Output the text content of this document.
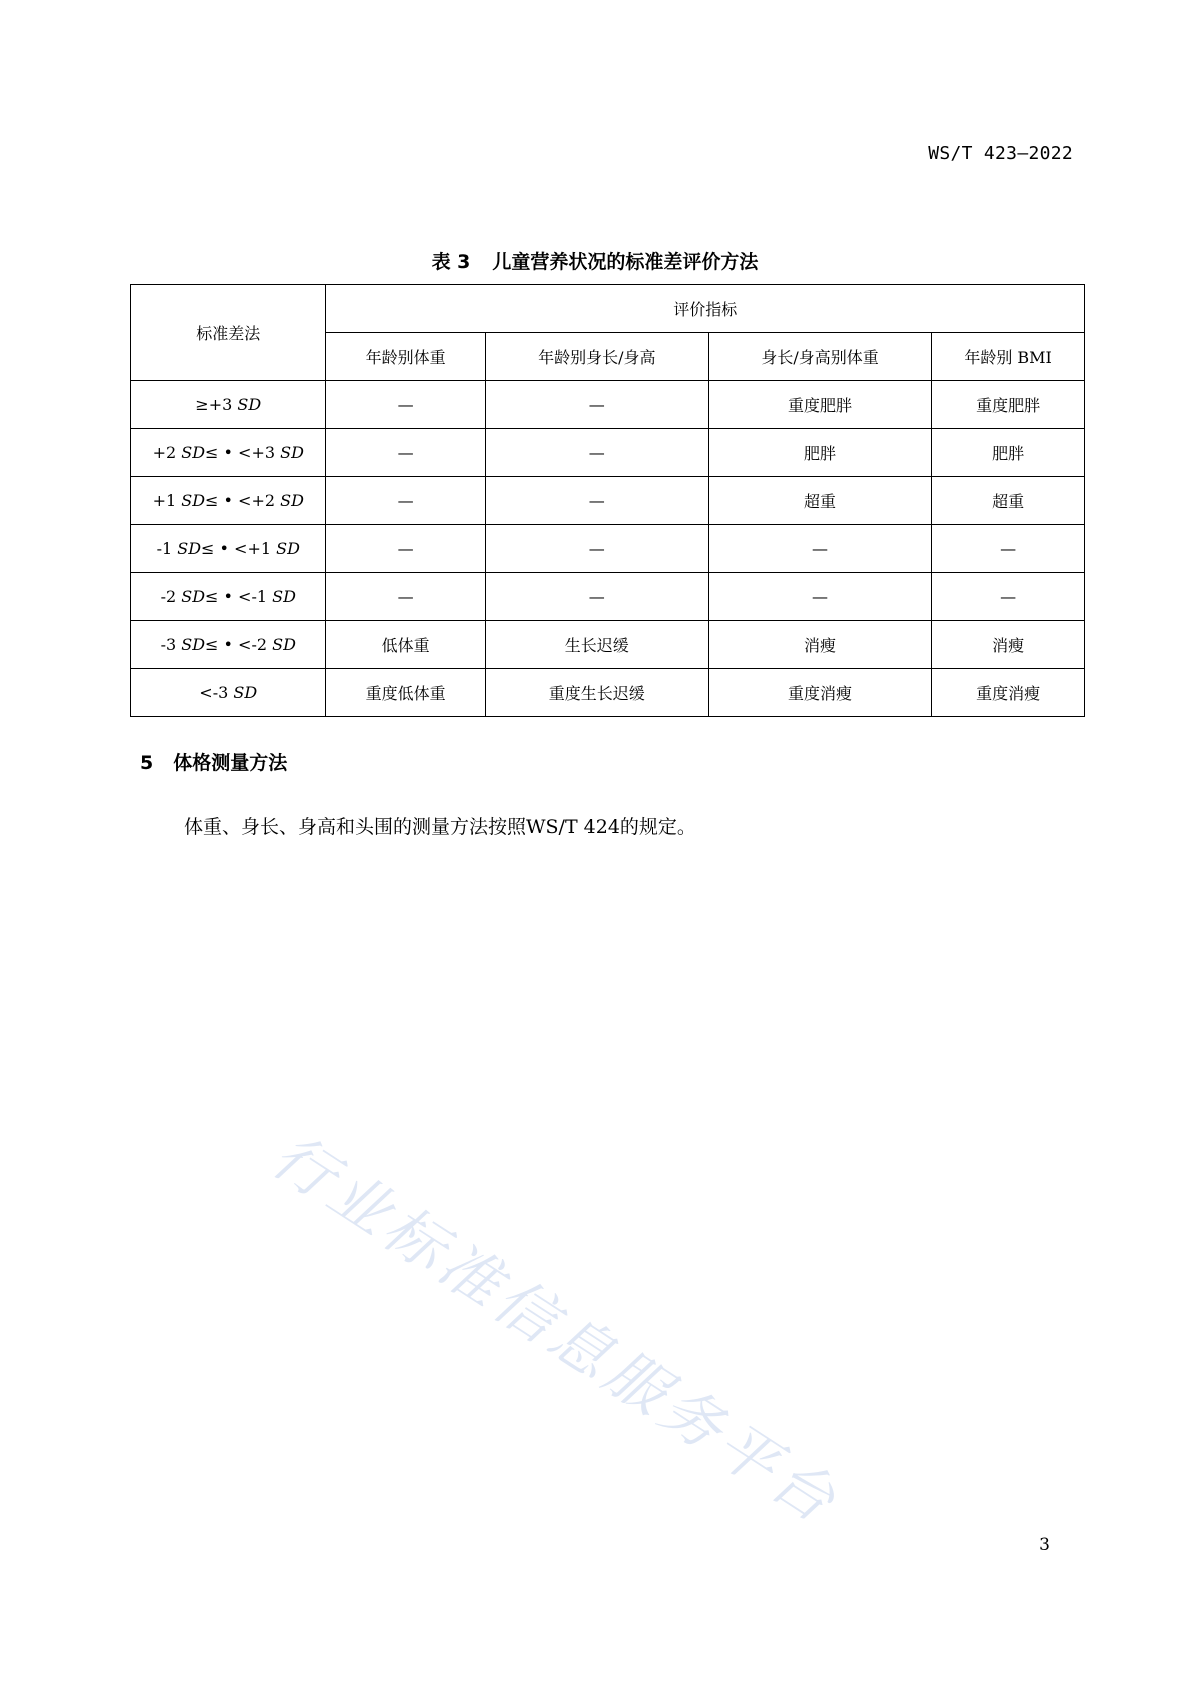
WS/T 423—2022
表 3 儿童营养状况的标准差评价方法
标准差法	评价指标			
	年龄别体重	年龄别身长/身高	身长/身高别体重	年龄别 BMI
≥+3 SD	—	—	重度肥胖	重度肥胖
+2 SD≤ • <+3 SD	—	—	肥胖	肥胖
+1 SD≤ • <+2 SD	—	—	超重	超重
-1 SD≤ • <+1 SD	—	—	—	—
-2 SD≤ • <-1 SD	—	—	—	—
-3 SD≤ • <-2 SD	低体重	生长迟缓	消瘦	消瘦
<-3 SD	重度低体重	重度生长迟缓	重度消瘦	重度消瘦
5 体格测量方法
体重、身长、身高和头围的测量方法按照WS/T 424的规定。
行业标准信息服务平台
3
